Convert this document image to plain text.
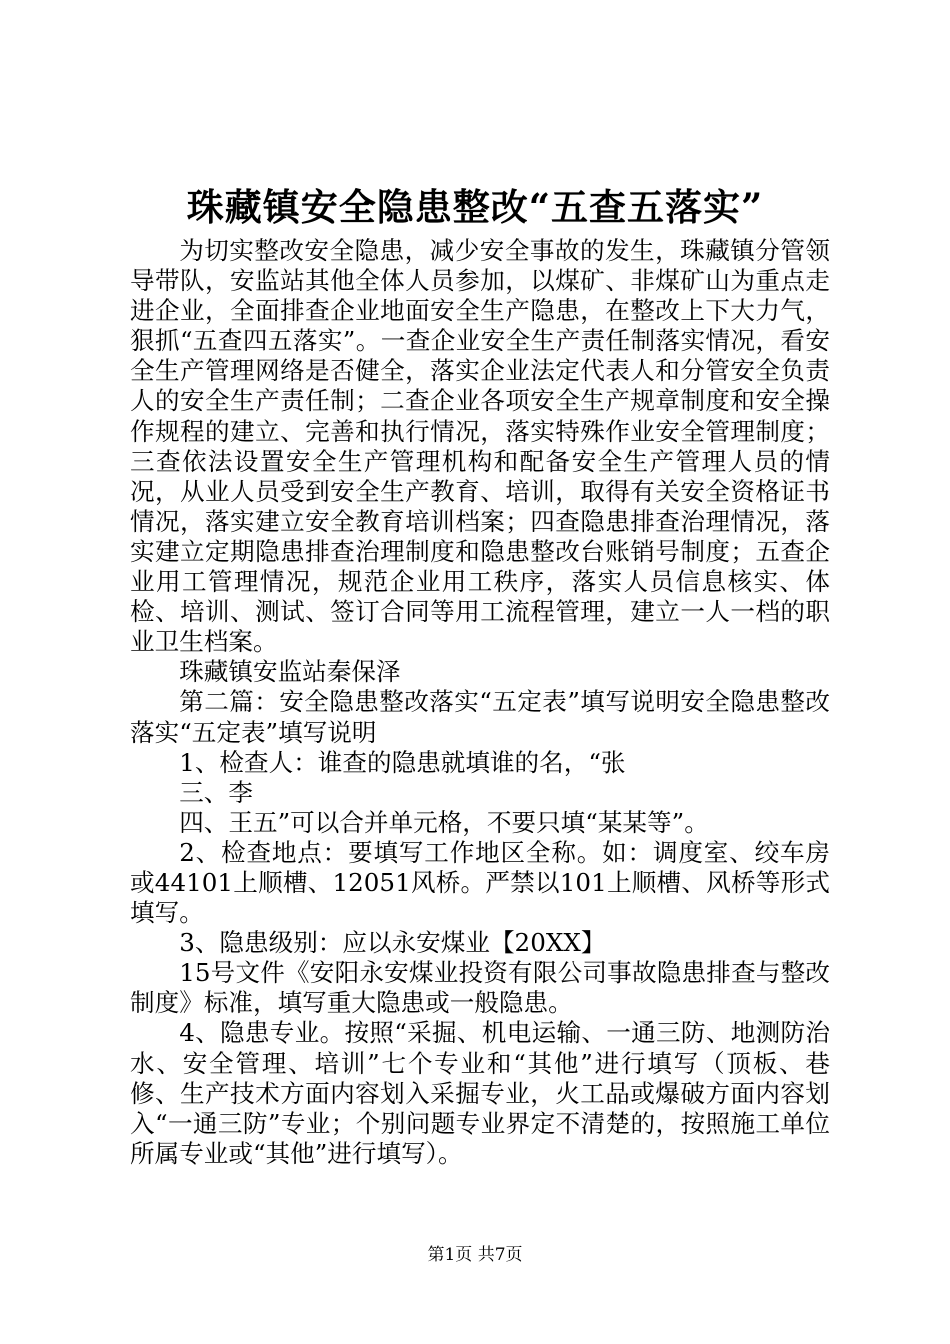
珠藏镇安全隐患整改“五查五落实”

为切实整改安全隐患，减少安全事故的发生，珠藏镇分管领导带队，安监站其他全体人员参加，以煤矿、非煤矿山为重点走进企业，全面排查企业地面安全生产隐患，在整改上下大力气，狠抓“五查四五落实”。一查企业安全生产责任制落实情况，看安全生产管理网络是否健全，落实企业法定代表人和分管安全负责人的安全生产责任制；二查企业各项安全生产规章制度和安全操作规程的建立、完善和执行情况，落实特殊作业安全管理制度；三查依法设置安全生产管理机构和配备安全生产管理人员的情况，从业人员受到安全生产教育、培训，取得有关安全资格证书情况，落实建立安全教育培训档案；四查隐患排查治理情况，落实建立定期隐患排查治理制度和隐患整改台账销号制度；五查企业用工管理情况，规范企业用工秩序，落实人员信息核实、体检、培训、测试、签订合同等用工流程管理，建立一人一档的职业卫生档案。

珠藏镇安监站秦保泽

第二篇：安全隐患整改落实“五定表”填写说明安全隐患整改落实“五定表”填写说明

1、检查人：谁查的隐患就填谁的名，“张

三、李

四、王五”可以合并单元格，不要只填“某某等”。

2、检查地点：要填写工作地区全称。如：调度室、绞车房或44101上顺槽、12051风桥。严禁以101上顺槽、风桥等形式填写。

3、隐患级别：应以永安煤业【20XX】

15号文件《安阳永安煤业投资有限公司事故隐患排查与整改制度》标准，填写重大隐患或一般隐患。

4、隐患专业。按照“采掘、机电运输、一通三防、地测防治水、安全管理、培训”七个专业和“其他”进行填写（顶板、巷修、生产技术方面内容划入采掘专业，火工品或爆破方面内容划入“一通三防”专业；个别问题专业界定不清楚的，按照施工单位所属专业或“其他”进行填写）。

第1页 共7页
